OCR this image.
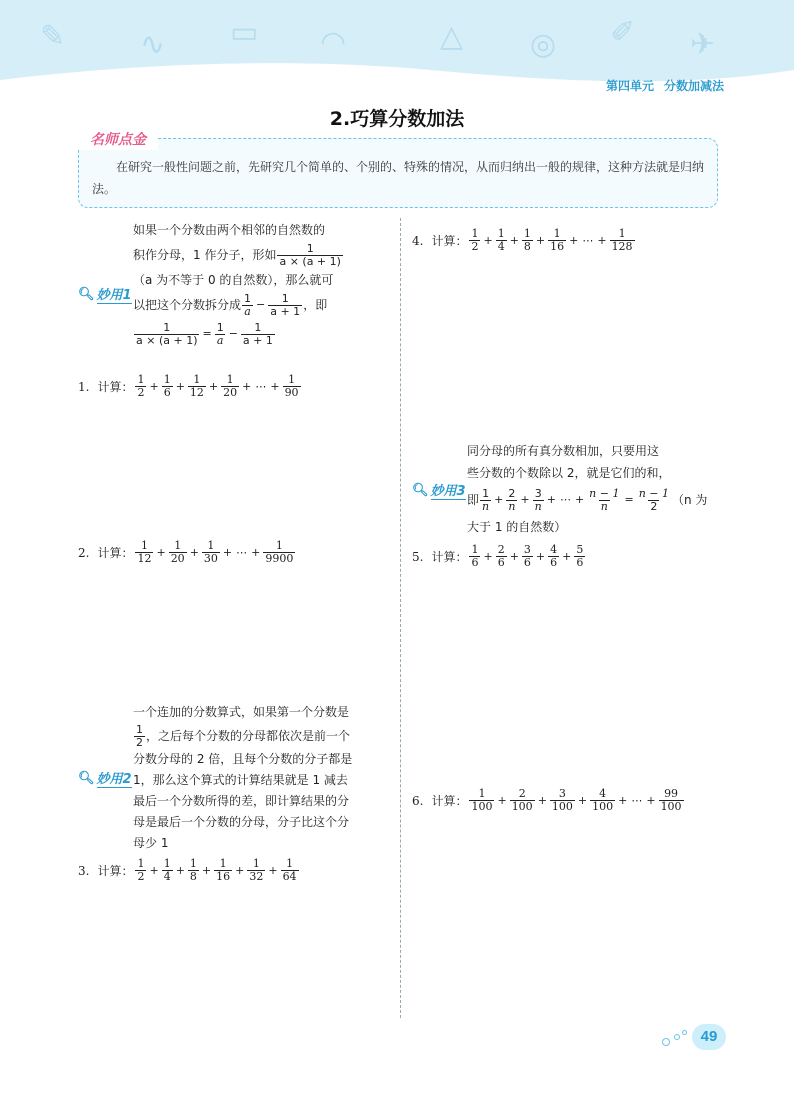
✎ ∿ ▭ ◠	△ ◎ ✐ ✈
第四单元 分数加减法
2.巧算分数加法
名师点金
在研究一般性问题之前，先研究几个简单的、个别的、特殊的情况，从而归纳出一般的规律，这种方法就是归纳法。
🔍︎ 妙用1
如果一个分数由两个相邻的自然数的
积作分母，1 作分子，形如 $\frac{1}{a \times (a + 1)}$
（a 为不等于 0 的自然数），那么就可
以把这个分数拆分成 $\frac{1}{a} - \frac{1}{a + 1}$ ，即
$\frac{1}{a \times (a + 1)} = \frac{1}{a} - \frac{1}{a + 1}$
1. 计算： $\frac{1}{2} + \frac{1}{6} + \frac{1}{12} + \frac{1}{20}$ + ⋯ + $\frac{1}{90}$
2. 计算： $\frac{1}{12} + \frac{1}{20} + \frac{1}{30}$ + ⋯ + $\frac{1}{9900}$
🔍︎ 妙用2
一个连加的分数算式，如果第一个分数是
$\frac{1}{2}$ ，之后每个分数的分母都依次是前一个
分数分母的 2 倍，且每个分数的分子都是
1，那么这个算式的计算结果就是 1 减去
最后一个分数所得的差，即计算结果的分
母是最后一个分数的分母，分子比这个分
母少 1
3. 计算： $\frac{1}{2} + \frac{1}{4} + \frac{1}{8} + \frac{1}{16} + \frac{1}{32} + \frac{1}{64}$
4. 计算： $\frac{1}{2} + \frac{1}{4} + \frac{1}{8} + \frac{1}{16}$ + ⋯ + $\frac{1}{128}$
🔍︎ 妙用3
同分母的所有真分数相加，只要用这
些分数的个数除以 2，就是它们的和，
即 $\frac{1}{n} + \frac{2}{n} + \frac{3}{n}$ + ⋯ + $\frac{n - 1}{n} = \frac{n - 1}{2} (n$ 为
大于 1 的自然数）
5. 计算： $\frac{1}{6} + \frac{2}{6} + \frac{3}{6} + \frac{4}{6} + \frac{5}{6}$
6. 计算： $\frac{1}{100} + \frac{2}{100} + \frac{3}{100} + \frac{4}{100}$ + ⋯ + $\frac{99}{100}$
49
